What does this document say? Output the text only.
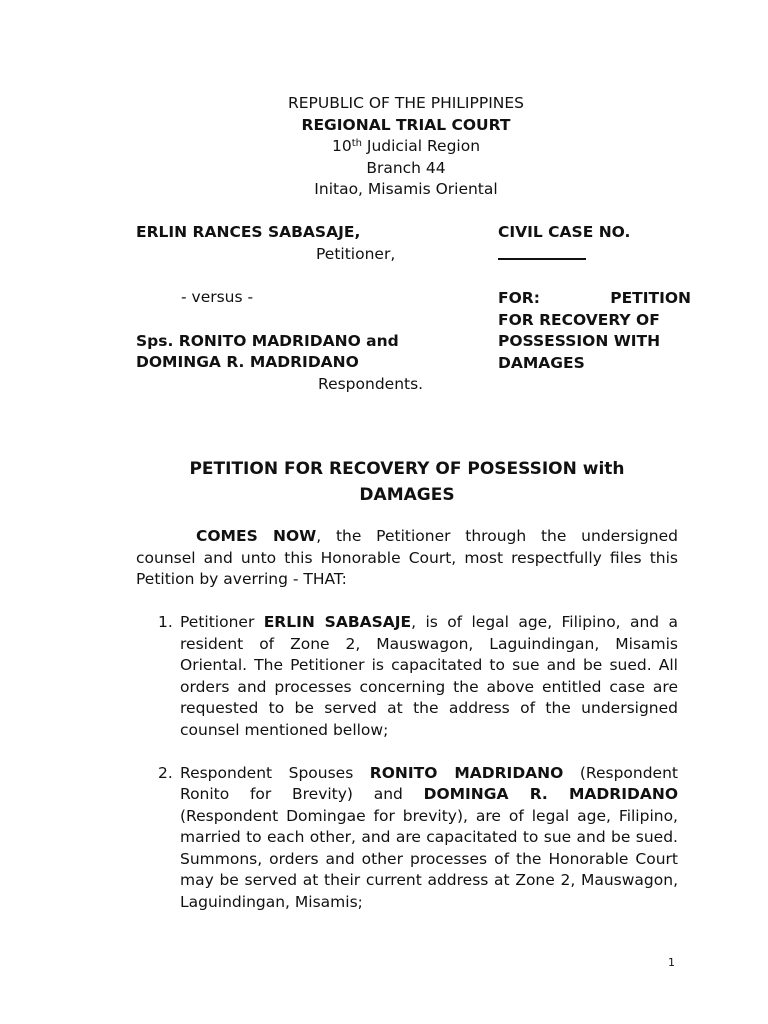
REPUBLIC OF THE PHILIPPINES
REGIONAL TRIAL COURT
10th Judicial Region
Branch 44
Initao, Misamis Oriental
ERLIN RANCES SABASAJE,
Petitioner,
- versus -
Sps. RONITO MADRIDANO and
DOMINGA R. MADRIDANO
Respondents.
CIVIL CASE NO.
FOR:	PETITION
FOR RECOVERY OF
POSSESSION WITH
DAMAGES
PETITION FOR RECOVERY OF POSESSION with
DAMAGES

COMES NOW, the Petitioner through the undersigned counsel and unto this Honorable Court, most respectfully files this Petition by averring - THAT:

1. Petitioner ERLIN SABASAJE, is of legal age, Filipino, and a resident of Zone 2, Mauswagon, Laguindingan, Misamis Oriental. The Petitioner is capacitated to sue and be sued. All orders and processes concerning the above entitled case are requested to be served at the address of the undersigned counsel mentioned bellow;
2. Respondent Spouses RONITO MADRIDANO (Respondent Ronito for Brevity) and DOMINGA R. MADRIDANO (Respondent Domingae for brevity), are of legal age, Filipino, married to each other, and are capacitated to sue and be sued. Summons, orders and other processes of the Honorable Court may be served at their current address at Zone 2, Mauswagon, Laguindingan, Misamis;
1
